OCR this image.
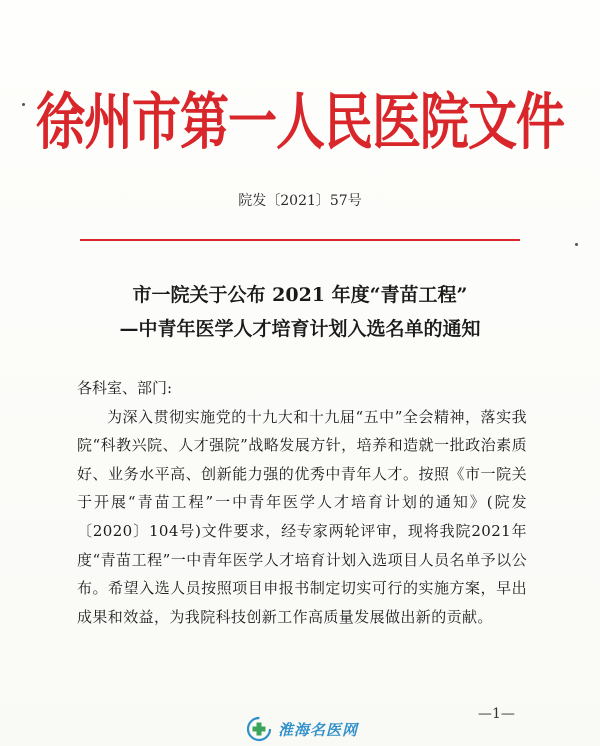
徐州市第一人民医院文件
院发〔2021〕57号
市一院关于公布 2021 年度“青苗工程”
—中青年医学人才培育计划入选名单的通知

各科室、部门:

为深入贯彻实施党的十九大和十九届“五中”全会精神，落实我院“科教兴院、人才强院”战略发展方针，培养和造就一批政治素质好、业务水平高、创新能力强的优秀中青年人才。按照《市一院关于开展“青苗工程”一中青年医学人才培育计划的通知》(院发〔2020〕104号)文件要求，经专家两轮评审，现将我院2021年度“青苗工程”一中青年医学人才培育计划入选项目人员名单予以公布。希望入选人员按照项目申报书制定切实可行的实施方案，早出成果和效益，为我院科技创新工作高质量发展做出新的贡献。

—1—
淮海名医网
